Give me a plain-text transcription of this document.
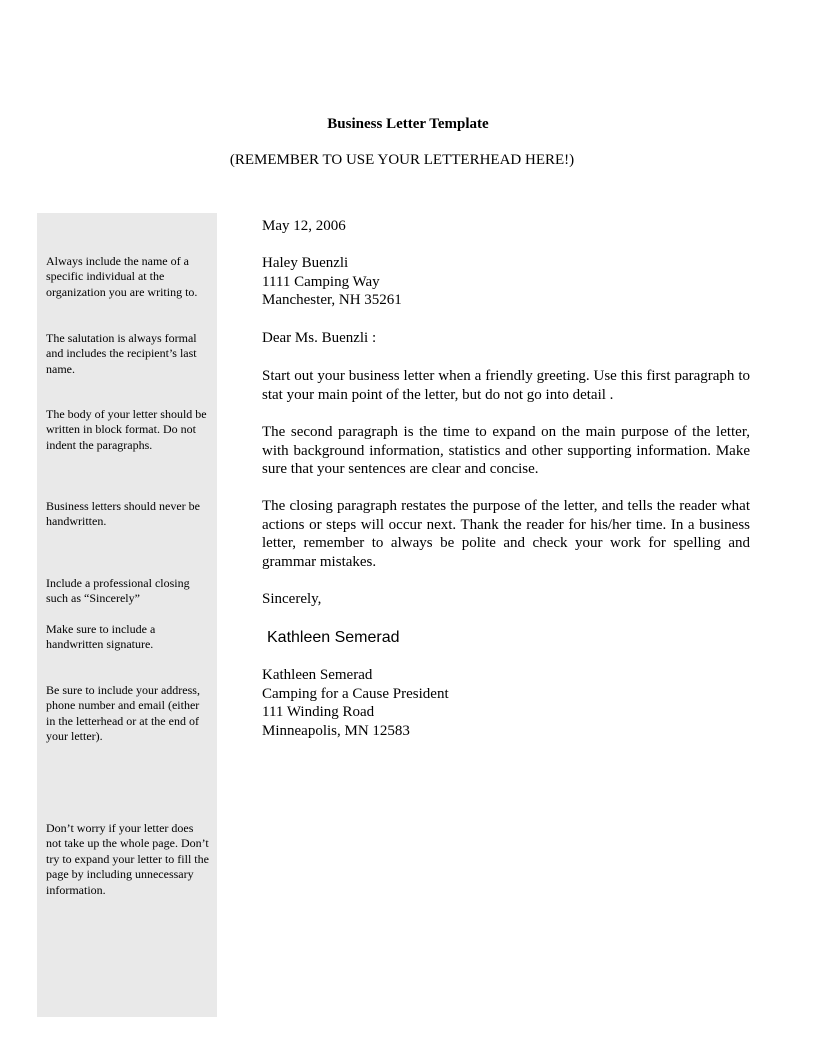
Business Letter Template
(REMEMBER TO USE YOUR LETTERHEAD HERE!)
Always include the name of a specific individual at the organization you are writing to.
The salutation is always formal and includes the recipient’s last name.
The body of your letter should be written in block format. Do not indent the paragraphs.
Business letters should never be handwritten.
Include a professional closing such as “Sincerely”
Make sure to include a handwritten signature.
Be sure to include your address, phone number and email (either in the letterhead or at the end of your letter).
Don’t worry if your letter does not take up the whole page. Don’t try to expand your letter to fill the page by including unnecessary information.
May 12, 2006
Haley Buenzli
1111 Camping Way
Manchester, NH 35261
Dear Ms. Buenzli :
Start out your business letter when a friendly greeting. Use this first paragraph to stat your main point of the letter, but do not go into detail .
The second paragraph is the time to expand on the main purpose of the letter, with background information, statistics and other supporting information. Make sure that your sentences are clear and concise.
The closing paragraph restates the purpose of the letter, and tells the reader what actions or steps will occur next. Thank the reader for his/her time. In a business letter, remember to always be polite and check your work for spelling and grammar mistakes.
Sincerely,
Kathleen Semerad
Kathleen Semerad
Camping for a Cause President
111 Winding Road
Minneapolis, MN 12583
